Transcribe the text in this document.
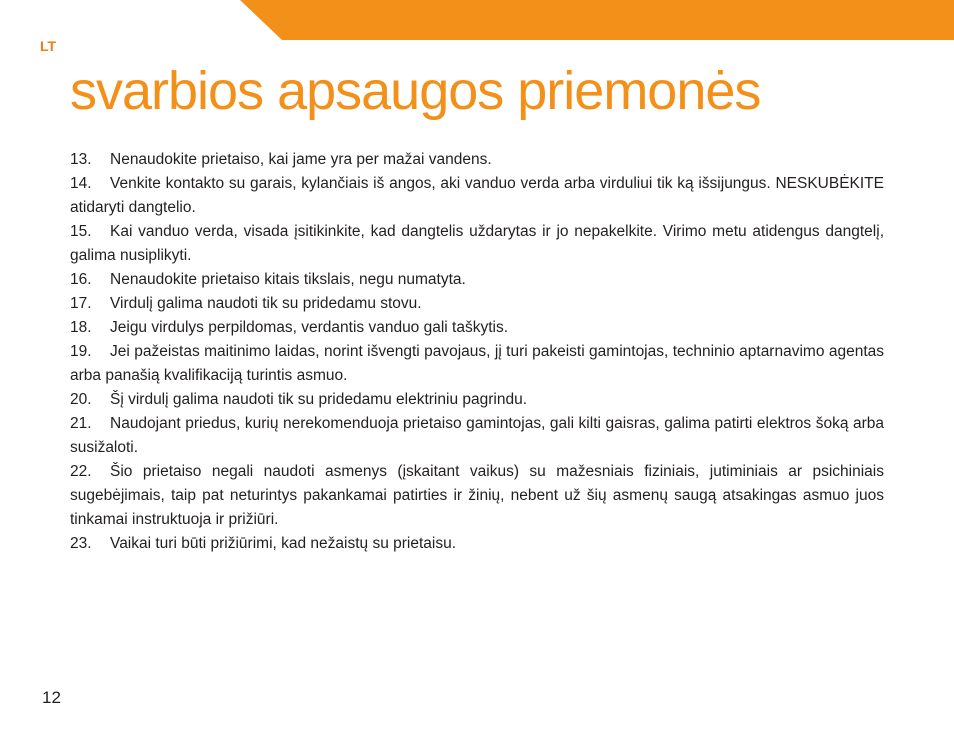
LT
svarbios apsaugos priemonės

13. Nenaudokite prietaiso, kai jame yra per mažai vandens.

14. Venkite kontakto su garais, kylančiais iš angos, aki vanduo verda arba virduliui tik ką išsijungus. NESKUBĖKITE atidaryti dangtelio.

15. Kai vanduo verda, visada įsitikinkite, kad dangtelis uždarytas ir jo nepakelkite. Virimo metu atidengus dangtelį, galima nusiplikyti.

16. Nenaudokite prietaiso kitais tikslais, negu numatyta.

17. Virdulį galima naudoti tik su pridedamu stovu.

18. Jeigu virdulys perpildomas, verdantis vanduo gali taškytis.

19. Jei pažeistas maitinimo laidas, norint išvengti pavojaus, jį turi pakeisti gamintojas, techninio aptarnavimo agentas arba panašią kvalifikaciją turintis asmuo.

20. Šį virdulį galima naudoti tik su pridedamu elektriniu pagrindu.

21. Naudojant priedus, kurių nerekomenduoja prietaiso gamintojas, gali kilti gaisras, galima patirti elektros šoką arba susižaloti.

22. Šio prietaiso negali naudoti asmenys (įskaitant vaikus) su mažesniais fiziniais, jutiminiais ar psichiniais sugebėjimais, taip pat neturintys pakankamai patirties ir žinių, nebent už šių asmenų saugą atsakingas asmuo juos tinkamai instruktuoja ir prižiūri.

23. Vaikai turi būti prižiūrimi, kad nežaistų su prietaisu.

12
